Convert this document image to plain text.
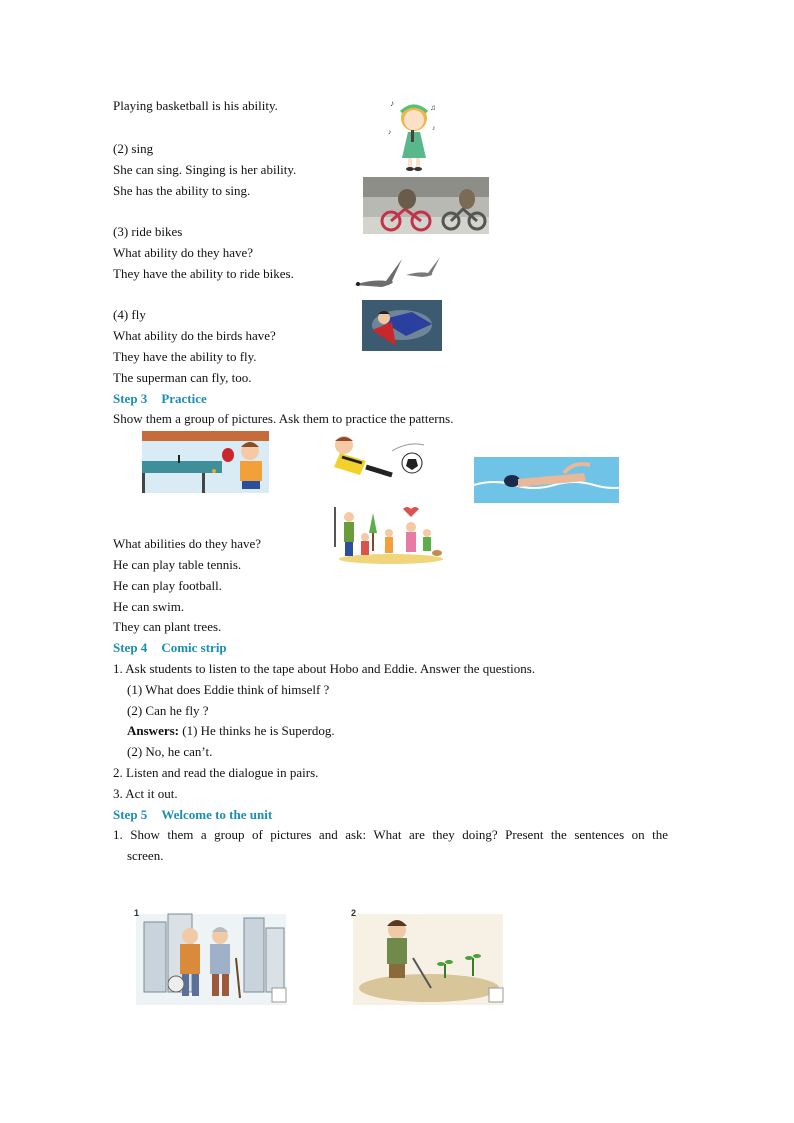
Playing basketball is his ability.
(2) sing
She can sing. Singing is her ability.
She has the ability to sing.
(3) ride bikes
What ability do they have?
They have the ability to ride bikes.
(4) fly
What ability do the birds have?
They have the ability to fly.
The superman can fly, too.
♪	♫
♪	♪
Step 3 Practice
Show them a group of pictures. Ask them to practice the patterns.
What abilities do they have?
He can play table tennis.
He can play football.
He can swim.
They can plant trees.
Step 4 Comic strip
1. Ask students to listen to the tape about Hobo and Eddie. Answer the questions.
(1) What does Eddie think of himself ?
(2) Can he fly ?
Answers: (1) He thinks he is Superdog.
(2) No, he can’t.
2. Listen and read the dialogue in pairs.
3. Act it out.
Step 5 Welcome to the unit
1. Show them a group of pictures and ask: What are they doing? Present the sentences on the
screen.
1	2
